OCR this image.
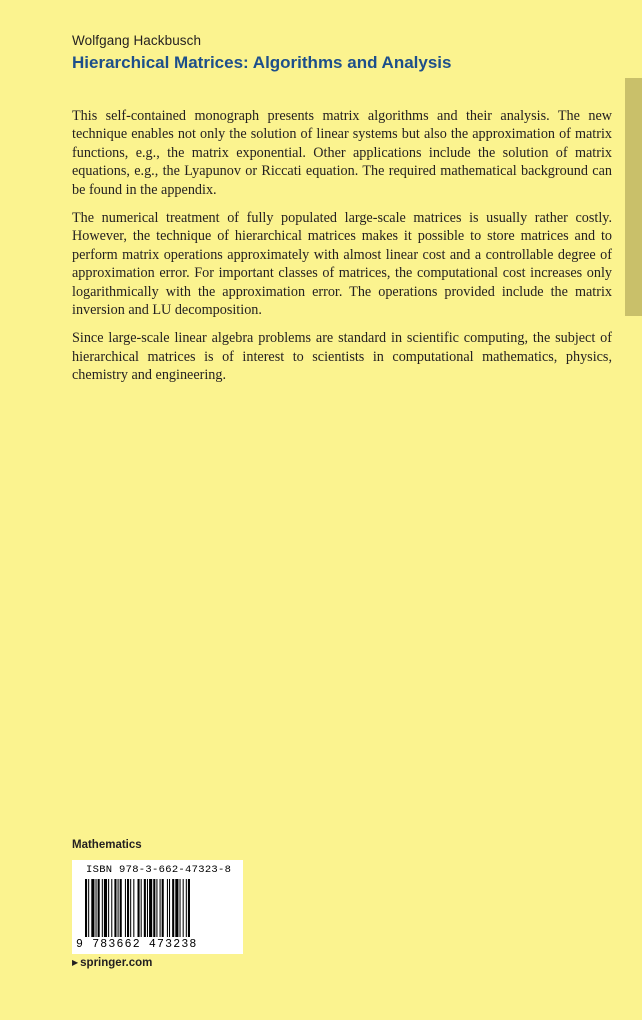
Wolfgang Hackbusch
Hierarchical Matrices: Algorithms and Analysis

This self-contained monograph presents matrix algorithms and their analysis. The new technique enables not only the solution of linear systems but also the approximation of matrix functions, e.g., the matrix exponential. Other applications include the solution of matrix equations, e.g., the Lyapunov or Riccati equation. The required mathematical background can be found in the appendix.

The numerical treatment of fully populated large-scale matrices is usually rather costly. However, the technique of hierarchical matrices makes it possible to store matrices and to perform matrix operations approximately with almost linear cost and a controllable degree of approximation error. For important classes of matrices, the computational cost increases only logarithmically with the approximation error. The operations provided include the matrix inversion and LU decomposition.

Since large-scale linear algebra problems are standard in scientific computing, the subject of hierarchical matrices is of interest to scientists in computational mathematics, physics, chemistry and engineering.

Mathematics
ISBN 978-3-662-47323-8
9 783662 473238
▶ springer.com
